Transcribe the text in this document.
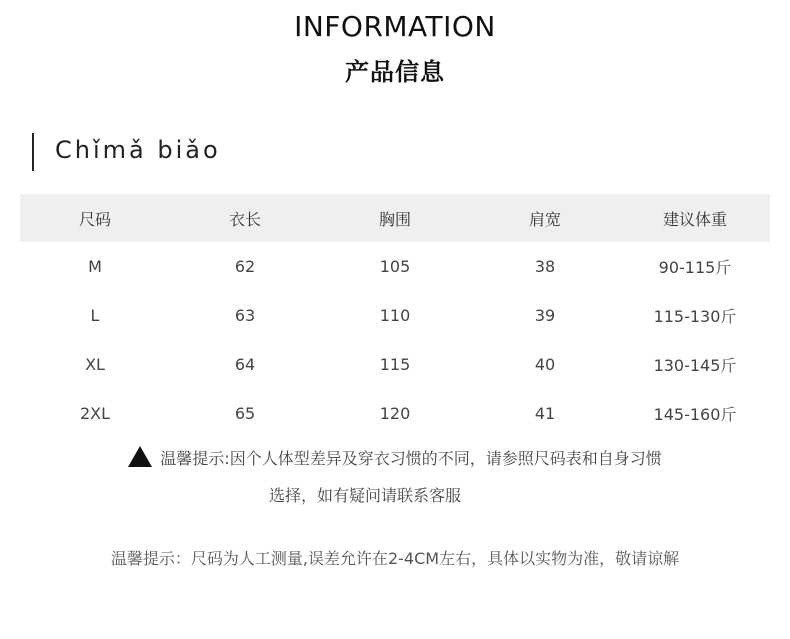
INFORMATION
产品信息
Chǐmǎ biǎo
尺码	衣长	胸围	肩宽	建议体重
M	62	105	38	90-115斤
L	63	110	39	115-130斤
XL	64	115	40	130-145斤
2XL	65	120	41	145-160斤
温馨提示:因个人体型差异及穿衣习惯的不同，请参照尺码表和自身习惯
选择，如有疑问请联系客服
温馨提示：尺码为人工测量,误差允许在2-4CM左右，具体以实物为准，敬请谅解
